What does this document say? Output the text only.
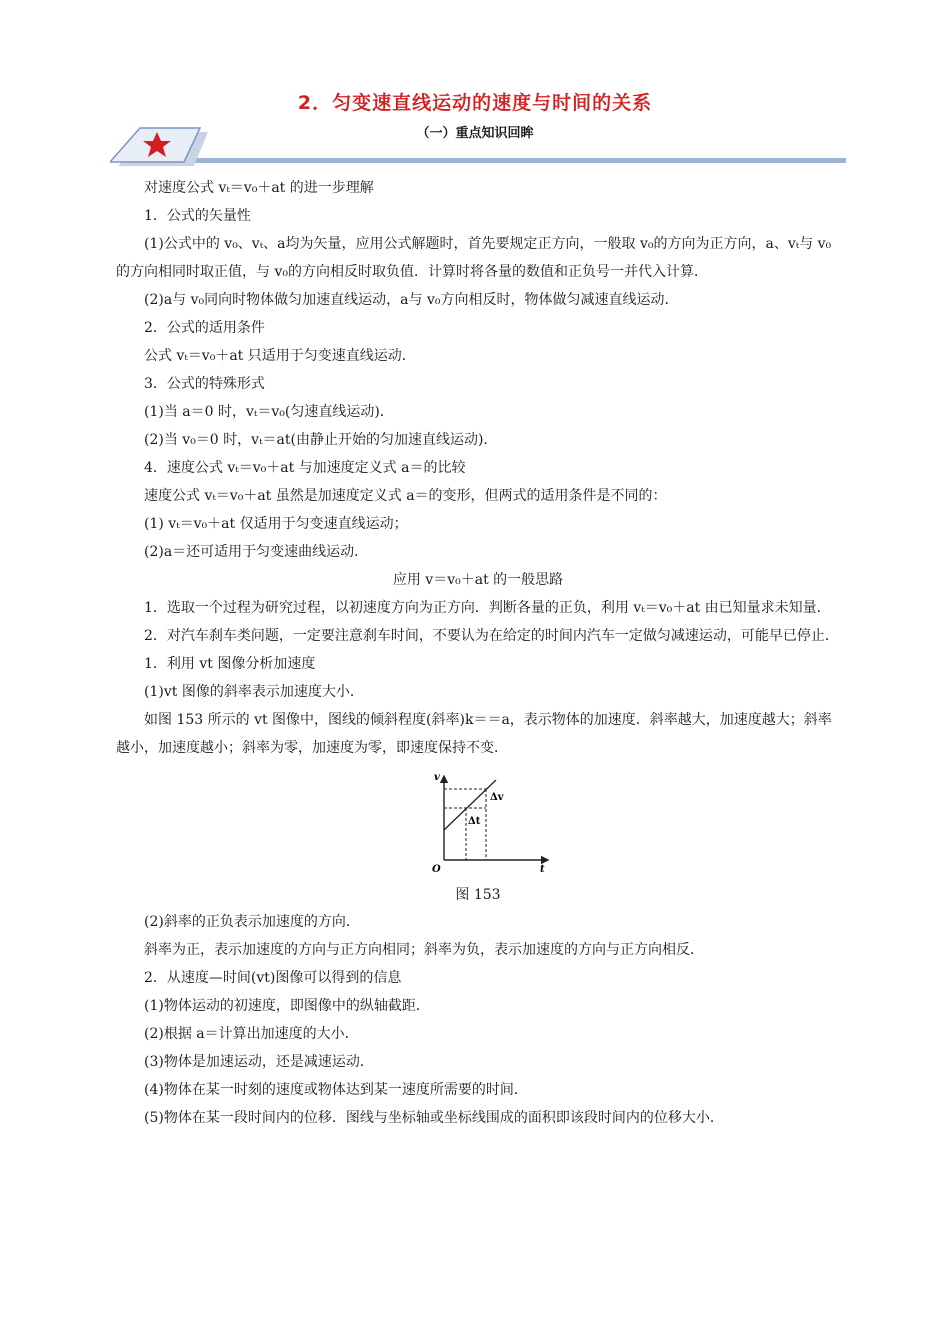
2．匀变速直线运动的速度与时间的关系
（一）重点知识回眸

对速度公式 vₜ＝v₀＋at 的进一步理解

1．公式的矢量性

(1)公式中的 v₀、vₜ、a均为矢量，应用公式解题时，首先要规定正方向，一般取 v₀的方向为正方向，a、vₜ与 v₀的方向相同时取正值，与 v₀的方向相反时取负值．计算时将各量的数值和正负号一并代入计算．

(2)a与 v₀同向时物体做匀加速直线运动，a与 v₀方向相反时，物体做匀减速直线运动．

2．公式的适用条件

公式 vₜ＝v₀＋at 只适用于匀变速直线运动．

3．公式的特殊形式

(1)当 a＝0 时，vₜ＝v₀(匀速直线运动)．

(2)当 v₀＝0 时，vₜ＝at(由静止开始的匀加速直线运动)．

4．速度公式 vₜ＝v₀＋at 与加速度定义式 a＝的比较

速度公式 vₜ＝v₀＋at 虽然是加速度定义式 a＝的变形，但两式的适用条件是不同的：

(1) vₜ＝v₀＋at 仅适用于匀变速直线运动；

(2)a＝还可适用于匀变速曲线运动．

应用 v＝v₀＋at 的一般思路

1．选取一个过程为研究过程，以初速度方向为正方向．判断各量的正负，利用 vₜ＝v₀＋at 由已知量求未知量．

2．对汽车刹车类问题，一定要注意刹车时间，不要认为在给定的时间内汽车一定做匀减速运动，可能早已停止．

1．利用 vt 图像分析加速度

(1)vt 图像的斜率表示加速度大小．

如图 153 所示的 vt 图像中，图线的倾斜程度(斜率)k＝＝a，表示物体的加速度．斜率越大，加速度越大；斜率越小，加速度越小；斜率为零，加速度为零，即速度保持不变．

v
t
O
Δv
Δt

图 153

(2)斜率的正负表示加速度的方向．

斜率为正，表示加速度的方向与正方向相同；斜率为负，表示加速度的方向与正方向相反．

2．从速度—时间(vt)图像可以得到的信息

(1)物体运动的初速度，即图像中的纵轴截距．

(2)根据 a＝计算出加速度的大小．

(3)物体是加速运动，还是减速运动．

(4)物体在某一时刻的速度或物体达到某一速度所需要的时间．

(5)物体在某一段时间内的位移．图线与坐标轴或坐标线围成的面积即该段时间内的位移大小．
